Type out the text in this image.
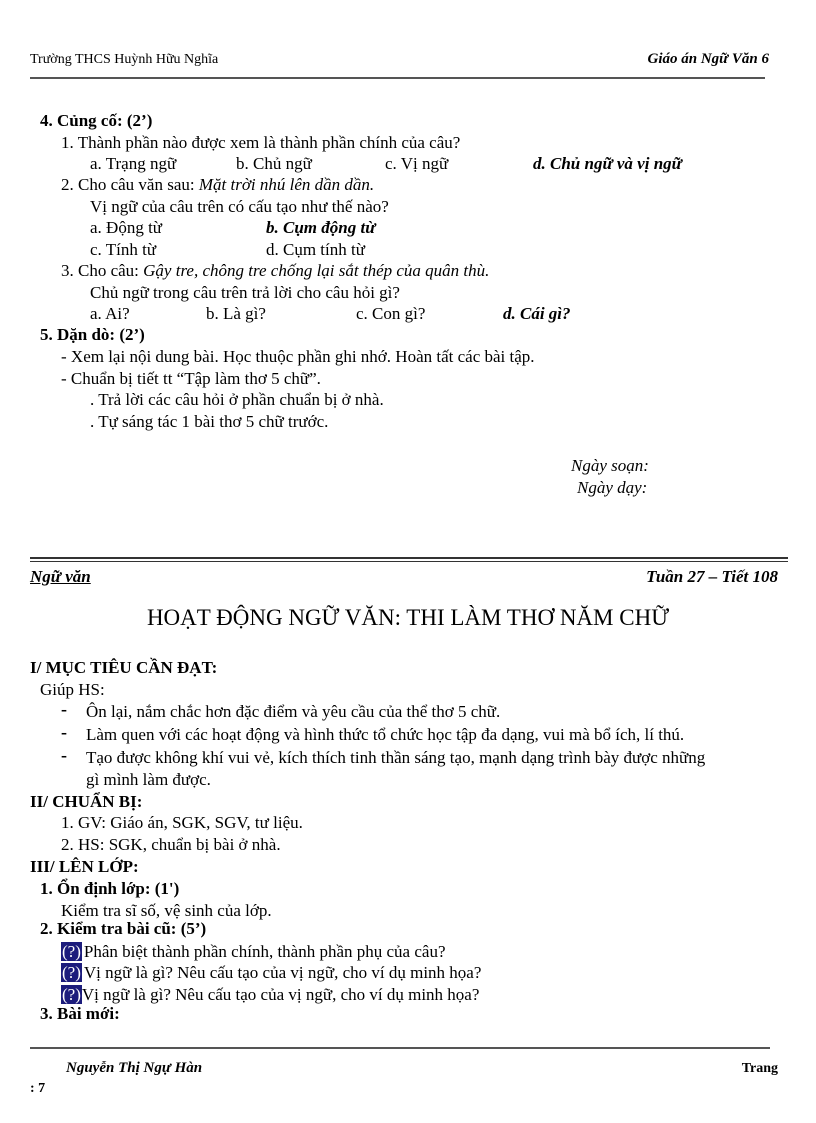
Trường THCS Huỳnh Hữu Nghĩa	Giáo án Ngữ Văn 6
4. Củng cố: (2’)
1. Thành phần nào được xem là thành phần chính của câu?
a. Trạng ngữ	b. Chủ ngữ	c. Vị ngữ	d. Chủ ngữ và vị ngữ
2. Cho câu văn sau: Mặt trời nhú lên dần dần.
Vị ngữ của câu trên có cấu tạo như thế nào?
a. Động từ	b. Cụm động từ
c. Tính từ	d. Cụm tính từ
3. Cho câu: Gậy tre, chông tre chống lại sắt thép của quân thù.
Chủ ngữ trong câu trên trả lời cho câu hỏi gì?
a. Ai?	b. Là gì?	c. Con gì?	d. Cái gì?
5. Dặn dò: (2’)
- Xem lại nội dung bài. Học thuộc phần ghi nhớ. Hoàn tất các bài tập.
- Chuẩn bị tiết tt “Tập làm thơ 5 chữ”.
. Trả lời các câu hỏi ở phần chuẩn bị ở nhà.
. Tự sáng tác 1 bài thơ 5 chữ trước.
Ngày soạn:
Ngày dạy:
Ngữ văn	Tuần 27 – Tiết 108
HOẠT ĐỘNG NGỮ VĂN: THI LÀM THƠ NĂM CHỮ
I/ MỤC TIÊU CẦN ĐẠT:
Giúp HS:
- Ôn lại, nắm chắc hơn đặc điểm và yêu cầu của thể thơ 5 chữ.
- Làm quen với các hoạt động và hình thức tổ chức học tập đa dạng, vui mà bổ ích, lí thú.
- Tạo được không khí vui vẻ, kích thích tinh thần sáng tạo, mạnh dạng trình bày được những
gì mình làm được.
II/ CHUẨN BỊ:
1. GV: Giáo án, SGK, SGV, tư liệu.
2. HS: SGK, chuẩn bị bài ở nhà.
III/ LÊN LỚP:
1. Ổn định lớp: (1')
Kiểm tra sĩ số, vệ sinh của lớp.
2. Kiểm tra bài cũ: (5’)
(?) Phân biệt thành phần chính, thành phần phụ của câu?
(?) Vị ngữ là gì? Nêu cấu tạo của vị ngữ, cho ví dụ minh họa?
(?)Vị ngữ là gì? Nêu cấu tạo của vị ngữ, cho ví dụ minh họa?
3. Bài mới:
Nguyễn Thị Ngự Hàn	Trang
: 7
